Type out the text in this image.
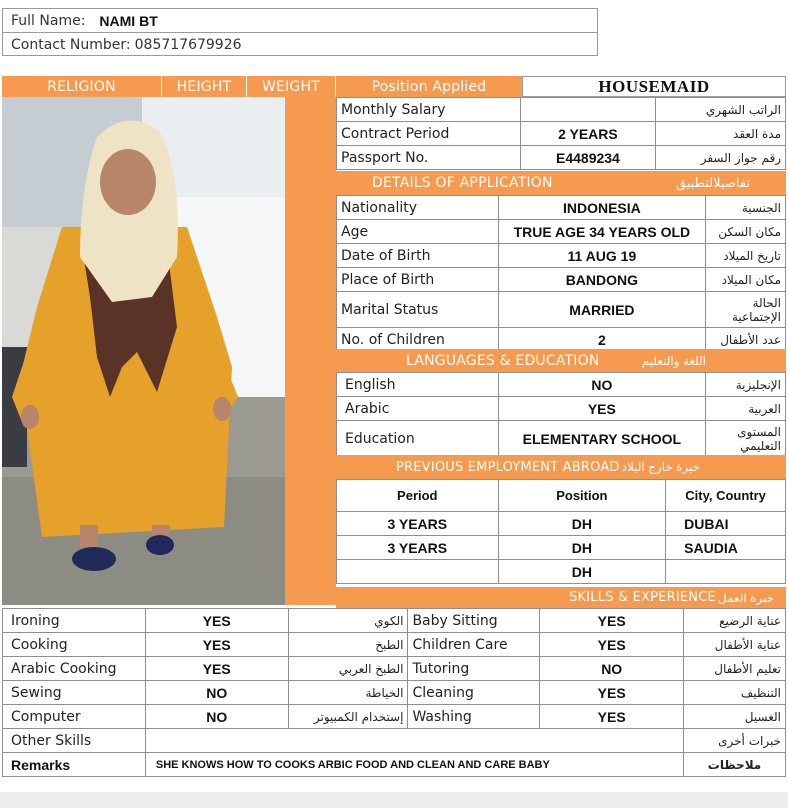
Full Name: NAMI BT
Contact Number: 085717679926
RELIGION	HEIGHT	WEIGHT	Position Applied	HOUSEMAID
Monthly Salary		الراتب الشهري
Contract Period	2 YEARS	مدة العقد
Passport No.	E4489234	رقم جواز السفر
DETAILS OF APPLICATION	تفاصيلالتطبيق
Nationality	INDONESIA	الجنسية
Age	TRUE AGE 34 YEARS OLD	مكان السكن
Date of Birth	11 AUG 19	تاريخ الميلاد
Place of Birth	BANDONG	مكان الميلاد
Marital Status	MARRIED	الحالة الإجتماعية
No. of Children	2	عدد الأطفال
LANGUAGES & EDUCATION	اللغة والتعليم
English	NO	الإنجليزية
Arabic	YES	العربية
Education	ELEMENTARY SCHOOL	المستوى التعليمي
PREVIOUS EMPLOYMENT ABROAD خبرة خارج البلاد
Period	Position	City, Country
3 YEARS	DH	DUBAI
3 YEARS	DH	SAUDIA
	DH	
SKILLS & EXPERIENCE خبرة العمل
Ironing	YES	الكوي	Baby Sitting	YES	عناية الرضيع
Cooking	YES	الطبخ	Children Care	YES	عناية الأطفال
Arabic Cooking	YES	الطبخ العربي	Tutoring	NO	تعليم الأطفال
Sewing	NO	الخياطة	Cleaning	YES	التنظيف
Computer	NO	إستخدام الكمبيوتر	Washing	YES	الغسيل
Other Skills					خبرات أخرى
Remarks	SHE KNOWS HOW TO COOKS ARBIC FOOD AND CLEAN AND CARE BABY				ملاحظات
